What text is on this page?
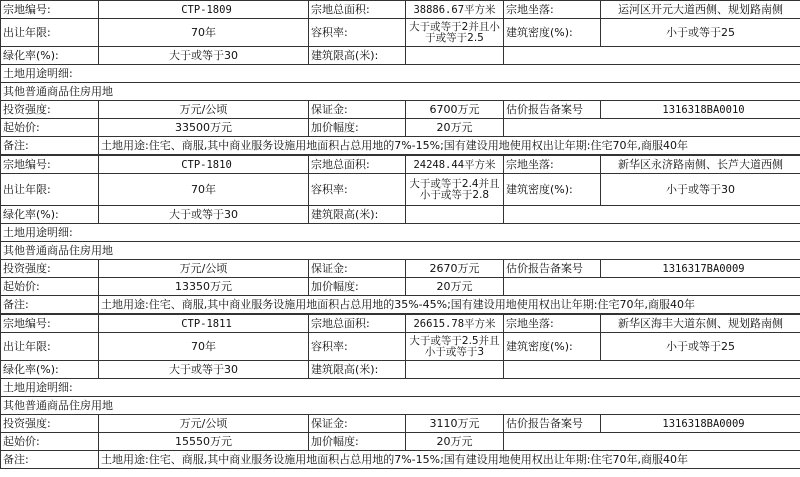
宗地编号:	CTP-1809	宗地总面积:	38886.67平方米	宗地坐落:	运河区开元大道西侧、规划路南侧
出让年限:	70年	容积率:	大于或等于2并且小于或等于2.5	建筑密度(%):	小于或等于25
绿化率(%):	大于或等于30	建筑限高(米):			
土地用途明细:					
其他普通商品住房用地					
投资强度:	万元/公顷	保证金:	6700万元	估价报告备案号	1316318BA0010
起始价:	33500万元	加价幅度:	20万元		
备注:	土地用途:住宅、商服,其中商业服务设施用地面积占总用地的7%-15%;国有建设用地使用权出让年期:住宅70年,商服40年				
宗地编号:	CTP-1810	宗地总面积:	24248.44平方米	宗地坐落:	新华区永济路南侧、长芦大道西侧
出让年限:	70年	容积率:	大于或等于2.4并且小于或等于2.8	建筑密度(%):	小于或等于30
绿化率(%):	大于或等于30	建筑限高(米):			
土地用途明细:					
其他普通商品住房用地					
投资强度:	万元/公顷	保证金:	2670万元	估价报告备案号	1316317BA0009
起始价:	13350万元	加价幅度:	20万元		
备注:	土地用途:住宅、商服,其中商业服务设施用地面积占总用地的35%-45%;国有建设用地使用权出让年期:住宅70年,商服40年				
宗地编号:	CTP-1811	宗地总面积:	26615.78平方米	宗地坐落:	新华区海丰大道东侧、规划路南侧
出让年限:	70年	容积率:	大于或等于2.5并且小于或等于3	建筑密度(%):	小于或等于25
绿化率(%):	大于或等于30	建筑限高(米):			
土地用途明细:					
其他普通商品住房用地					
投资强度:	万元/公顷	保证金:	3110万元	估价报告备案号	1316318BA0009
起始价:	15550万元	加价幅度:	20万元		
备注:	土地用途:住宅、商服,其中商业服务设施用地面积占总用地的7%-15%;国有建设用地使用权出让年期:住宅70年,商服40年				
